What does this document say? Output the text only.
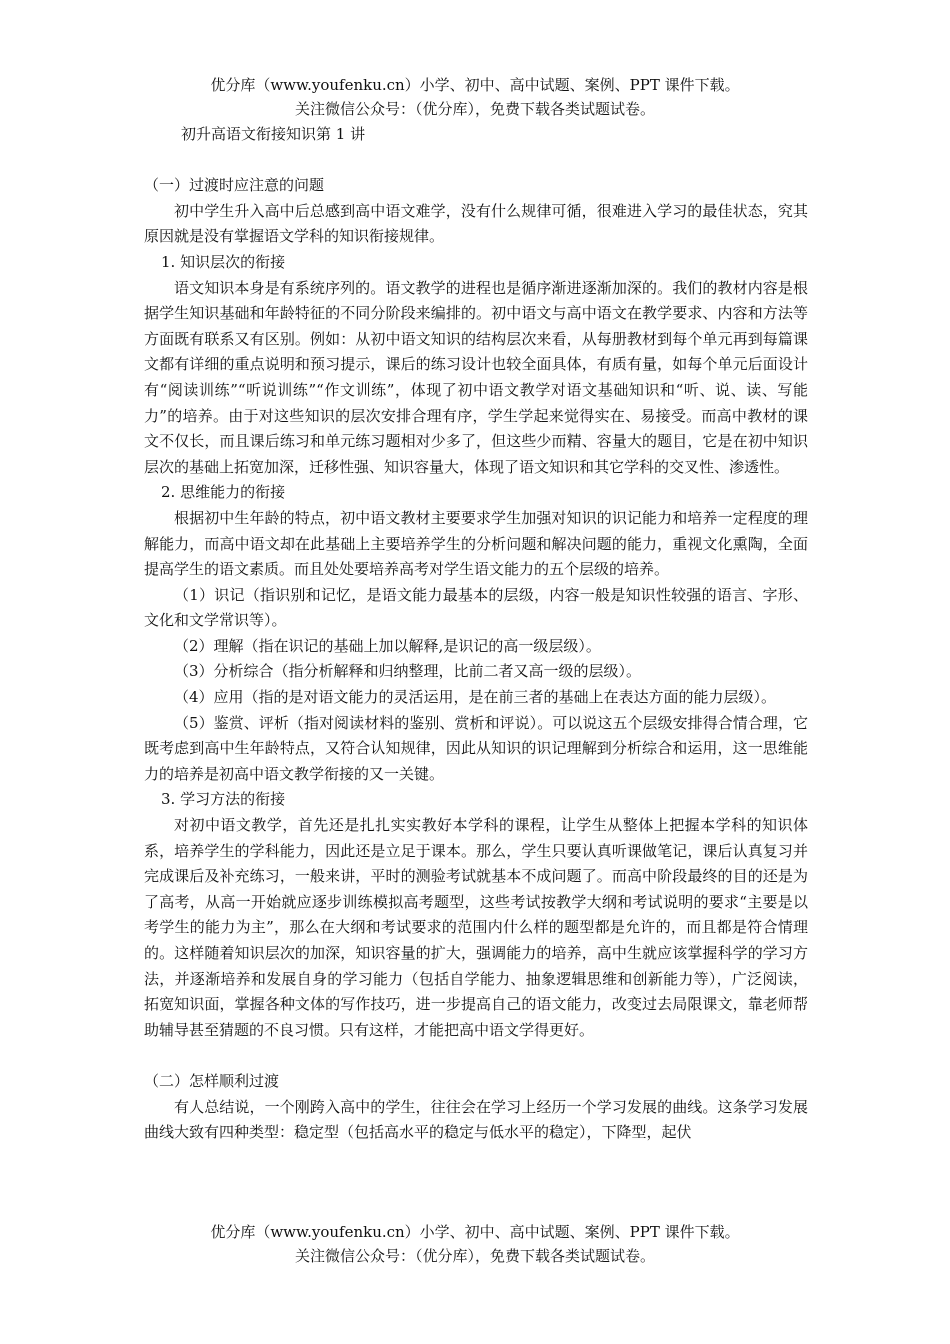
优分库（www.youfenku.cn）小学、初中、高中试题、案例、PPT 课件下载。
关注微信公众号：（优分库），免费下载各类试题试卷。

初升高语文衔接知识第 1 讲

（一）过渡时应注意的问题

初中学生升入高中后总感到高中语文难学，没有什么规律可循，很难进入学习的最佳状态，究其原因就是没有掌握语文学科的知识衔接规律。

1. 知识层次的衔接

语文知识本身是有系统序列的。语文教学的进程也是循序渐进逐渐加深的。我们的教材内容是根据学生知识基础和年龄特征的不同分阶段来编排的。初中语文与高中语文在教学要求、内容和方法等方面既有联系又有区别。例如：从初中语文知识的结构层次来看，从每册教材到每个单元再到每篇课文都有详细的重点说明和预习提示，课后的练习设计也较全面具体，有质有量，如每个单元后面设计有“阅读训练”“听说训练”“作文训练”，体现了初中语文教学对语文基础知识和“听、说、读、写能力”的培养。由于对这些知识的层次安排合理有序，学生学起来觉得实在、易接受。而高中教材的课文不仅长，而且课后练习和单元练习题相对少多了，但这些少而精、容量大的题目，它是在初中知识层次的基础上拓宽加深，迁移性强、知识容量大，体现了语文知识和其它学科的交叉性、渗透性。

2. 思维能力的衔接

根据初中生年龄的特点，初中语文教材主要要求学生加强对知识的识记能力和培养一定程度的理解能力，而高中语文却在此基础上主要培养学生的分析问题和解决问题的能力，重视文化熏陶，全面提高学生的语文素质。而且处处要培养高考对学生语文能力的五个层级的培养。

（1）识记（指识别和记忆，是语文能力最基本的层级，内容一般是知识性较强的语言、字形、文化和文学常识等）。

（2）理解（指在识记的基础上加以解释,是识记的高一级层级）。

（3）分析综合（指分析解释和归纳整理，比前二者又高一级的层级）。

（4）应用（指的是对语文能力的灵活运用，是在前三者的基础上在表达方面的能力层级）。

（5）鉴赏、评析（指对阅读材料的鉴别、赏析和评说）。可以说这五个层级安排得合情合理，它既考虑到高中生年龄特点，又符合认知规律，因此从知识的识记理解到分析综合和运用，这一思维能力的培养是初高中语文教学衔接的又一关键。

3. 学习方法的衔接

对初中语文教学，首先还是扎扎实实教好本学科的课程，让学生从整体上把握本学科的知识体系，培养学生的学科能力，因此还是立足于课本。那么，学生只要认真听课做笔记，课后认真复习并完成课后及补充练习，一般来讲，平时的测验考试就基本不成问题了。而高中阶段最终的目的还是为了高考，从高一开始就应逐步训练模拟高考题型，这些考试按教学大纲和考试说明的要求“主要是以考学生的能力为主”，那么在大纲和考试要求的范围内什么样的题型都是允许的，而且都是符合情理的。这样随着知识层次的加深，知识容量的扩大，强调能力的培养，高中生就应该掌握科学的学习方法，并逐渐培养和发展自身的学习能力（包括自学能力、抽象逻辑思维和创新能力等），广泛阅读，拓宽知识面，掌握各种文体的写作技巧，进一步提高自己的语文能力，改变过去局限课文，靠老师帮助辅导甚至猜题的不良习惯。只有这样，才能把高中语文学得更好。

（二）怎样顺利过渡

有人总结说，一个刚跨入高中的学生，往往会在学习上经历一个学习发展的曲线。这条学习发展曲线大致有四种类型：稳定型（包括高水平的稳定与低水平的稳定），下降型，起伏

优分库（www.youfenku.cn）小学、初中、高中试题、案例、PPT 课件下载。
关注微信公众号：（优分库），免费下载各类试题试卷。
